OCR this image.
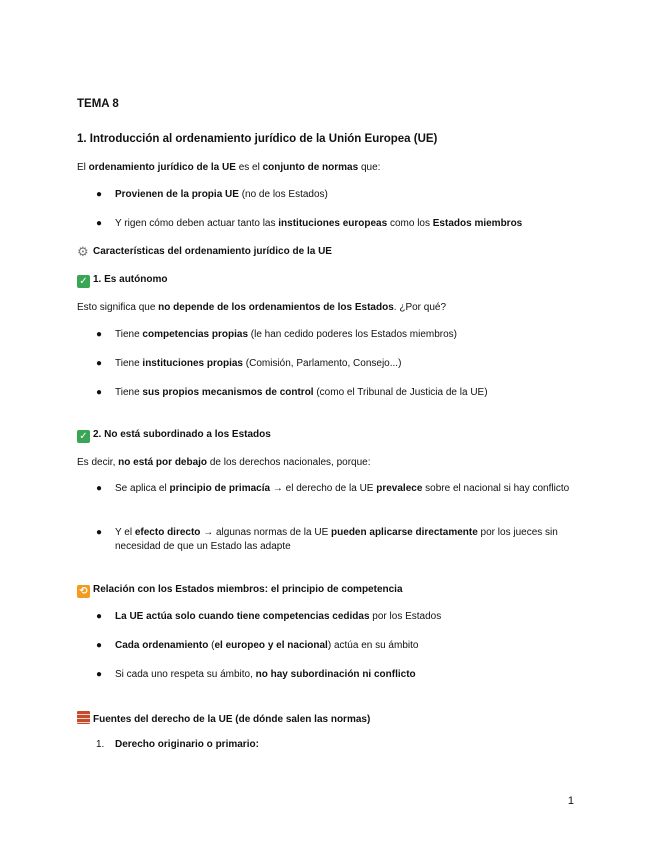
TEMA 8
1. Introducción al ordenamiento jurídico de la Unión Europea (UE)
El ordenamiento jurídico de la UE es el conjunto de normas que:
● Provienen de la propia UE (no de los Estados)
● Y rigen cómo deben actuar tanto las instituciones europeas como los Estados miembros
⚙ Características del ordenamiento jurídico de la UE
✓ 1. Es autónomo
Esto significa que no depende de los ordenamientos de los Estados. ¿Por qué?
● Tiene competencias propias (le han cedido poderes los Estados miembros)
● Tiene instituciones propias (Comisión, Parlamento, Consejo...)
● Tiene sus propios mecanismos de control (como el Tribunal de Justicia de la UE)
✓ 2. No está subordinado a los Estados
Es decir, no está por debajo de los derechos nacionales, porque:
● Se aplica el principio de primacía → el derecho de la UE prevalece sobre el nacional si hay conflicto
● Y el efecto directo → algunas normas de la UE pueden aplicarse directamente por los jueces sin necesidad de que un Estado las adapte
⟲ Relación con los Estados miembros: el principio de competencia
● La UE actúa solo cuando tiene competencias cedidas por los Estados
● Cada ordenamiento (el europeo y el nacional) actúa en su ámbito
● Si cada uno respeta su ámbito, no hay subordinación ni conflicto
Fuentes del derecho de la UE (de dónde salen las normas)
1. Derecho originario o primario:
1
